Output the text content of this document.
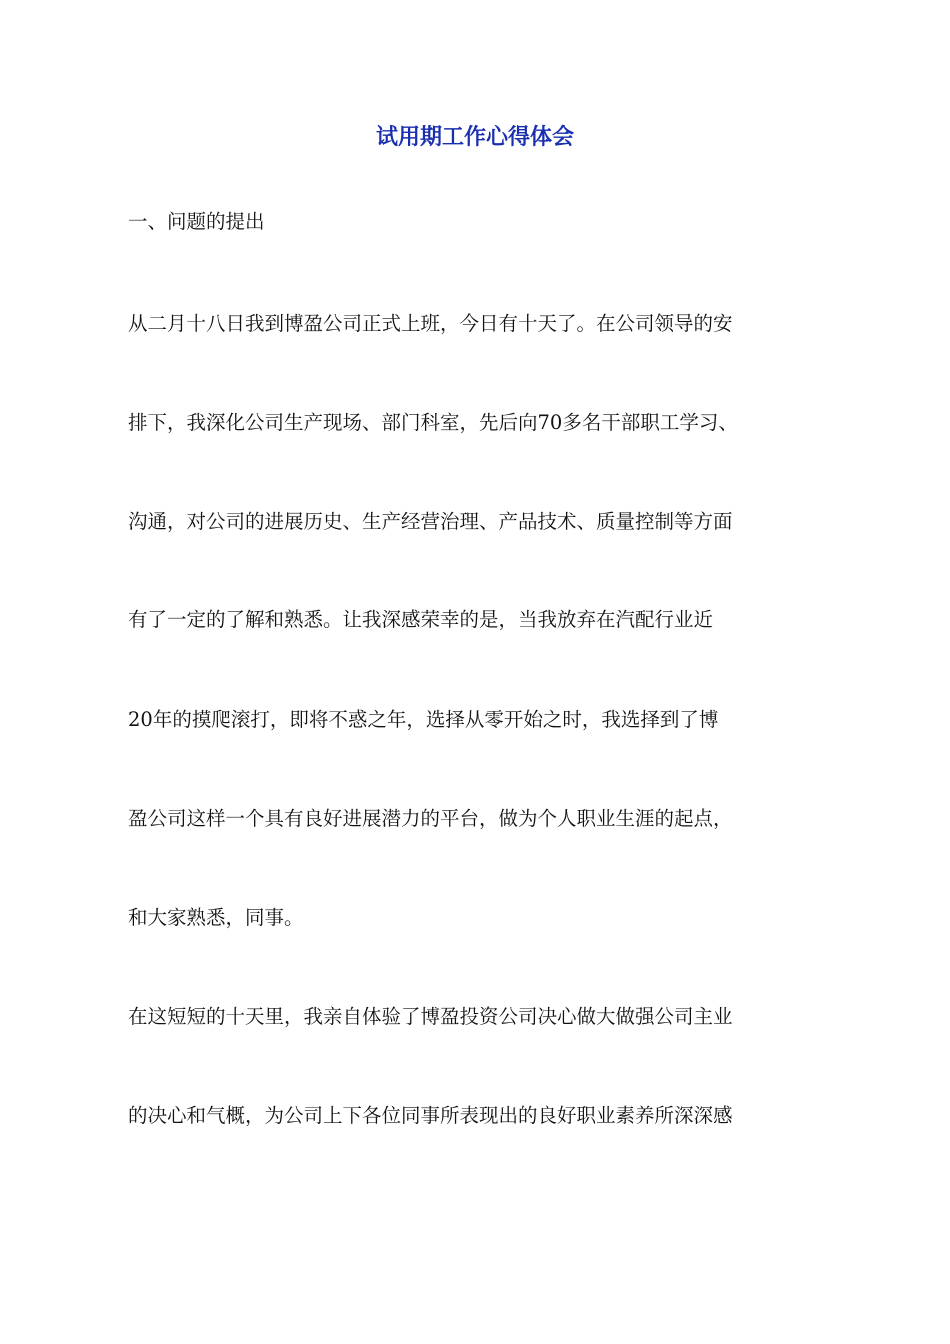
试用期工作心得体会
一、问题的提出
从二月十八日我到博盈公司正式上班，今日有十天了。在公司领导的安
排下，我深化公司生产现场、部门科室，先后向70多名干部职工学习、
沟通，对公司的进展历史、生产经营治理、产品技术、质量控制等方面
有了一定的了解和熟悉。让我深感荣幸的是，当我放弃在汽配行业近
20年的摸爬滚打，即将不惑之年，选择从零开始之时，我选择到了博
盈公司这样一个具有良好进展潜力的平台，做为个人职业生涯的起点，
和大家熟悉，同事。
在这短短的十天里，我亲自体验了博盈投资公司决心做大做强公司主业
的决心和气概，为公司上下各位同事所表现出的良好职业素养所深深感
